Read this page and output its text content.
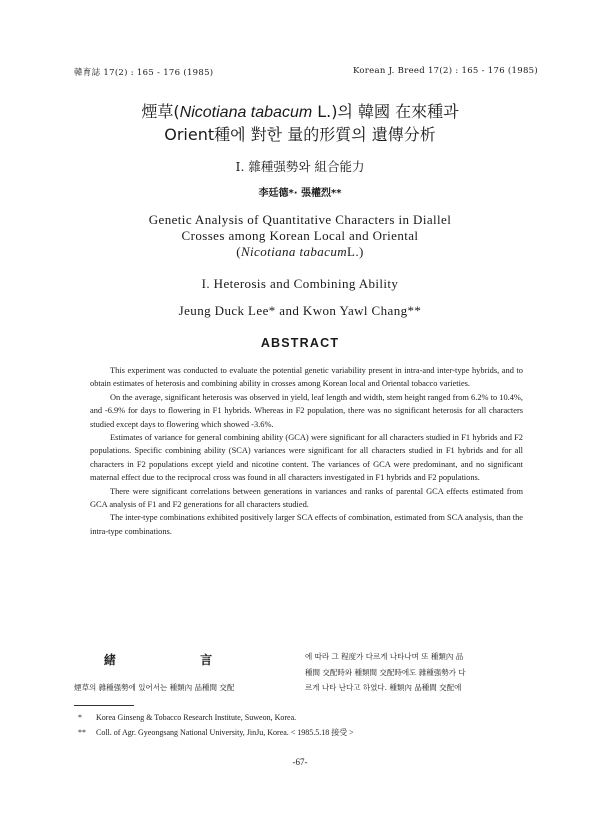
韓育誌 17(2) : 165 - 176 (1985)	Korean J. Breed 17(2) : 165 - 176 (1985)
煙草(Nicotiana tabacum L.)의 韓國 在來種과
Orient種에 對한 量的形質의 遺傳分析
I. 雜種强勢와 組合能力
李廷德*· 張權烈**
Genetic Analysis of Quantitative Characters in Diallel
Crosses among Korean Local and Oriental
(Nicotiana tabacumL.)
I. Heterosis and Combining Ability
Jeung Duck Lee* and Kwon Yawl Chang**
ABSTRACT

This experiment was conducted to evaluate the potential genetic variability present in intra-and inter-type hybrids, and to obtain estimates of heterosis and combining ability in crosses among Korean local and Oriental tobacco varieties.

On the average, significant heterosis was observed in yield, leaf length and width, stem height ranged from 6.2% to 10.4%, and -6.9% for days to flowering in F1 hybrids. Whereas in F2 population, there was no significant heterosis for all characters studied except days to flowering which showed -3.6%.

Estimates of variance for general combining ability (GCA) were significant for all characters studied in F1 hybrids and F2 populations. Specific combining ability (SCA) variances were significant for all characters studied in F1 hybrids and for all characters in F2 populations except yield and nicotine content. The variances of GCA were predominant, and no significant maternal effect due to the reciprocal cross was found in all characters investigated in F1 hybrids and F2 populations.

There were significant correlations between generations in variances and ranks of parental GCA effects estimated from GCA analysis of F1 and F2 generations for all characters studied.

The inter-type combinations exhibited positively larger SCA effects of combination, estimated from SCA analysis, than the intra-type combinations.

緒 言
煙草의 雜種强勢에 있어서는 種類內 品種間 交配
에 따라 그 程度가 다르게 나타나며 또 種類內 品
種間 交配時와 種類間 交配時에도 雜種强勢가 다
르게 나타 난다고 하였다. 種類內 品種間 交配에
* Korea Ginseng & Tobacco Research Institute, Suweon, Korea.
** Coll. of Agr. Gyeongsang National University, JinJu, Korea. < 1985.5.18 接受 >
-67-
